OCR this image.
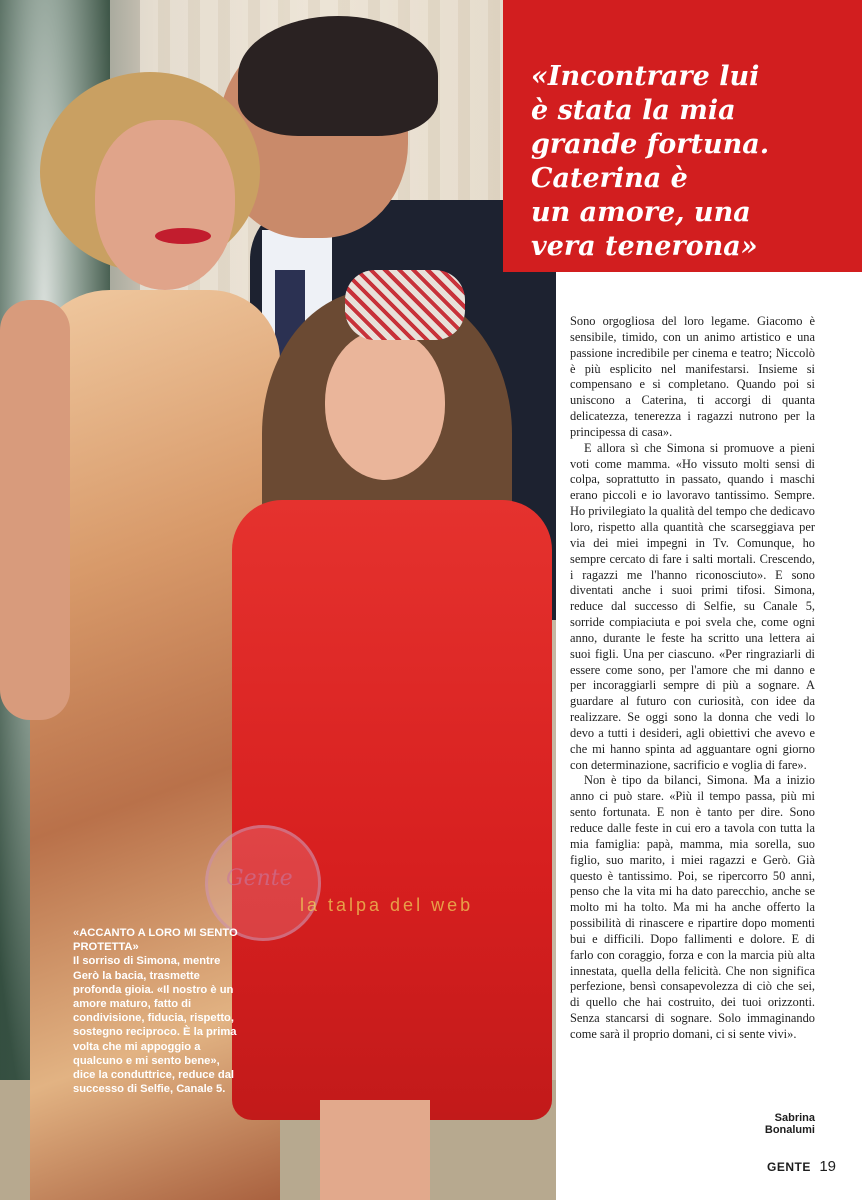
Gente
la talpa del web
«ACCANTO A LORO MI SENTO PROTETTA»
Il sorriso di Simona, mentre Gerò la bacia, trasmette profonda gioia. «Il nostro è un amore maturo, fatto di condivisione, fiducia, rispetto, sostegno reciproco. È la prima volta che mi appoggio a qualcuno e mi sento bene», dice la conduttrice, reduce dal successo di Selfie, Canale 5.
«Incontrare lui
è stata la mia
grande fortuna.
Caterina è
un amore, una
vera tenerona»

Sono orgogliosa del loro legame. Giacomo è sensibile, timido, con un animo artistico e una passione incredibile per cinema e teatro; Niccolò è più esplicito nel manifestarsi. Insieme si compensano e si completano. Quando poi si uniscono a Caterina, ti accorgi di quanta delicatezza, tenerezza i ragazzi nutrono per la principessa di casa».

E allora sì che Simona si promuove a pieni voti come mamma. «Ho vissuto molti sensi di colpa, soprattutto in passato, quando i maschi erano piccoli e io lavoravo tantissimo. Sempre. Ho privilegiato la qualità del tempo che dedicavo loro, rispetto alla quantità che scarseggiava per via dei miei impegni in Tv. Comunque, ho sempre cercato di fare i salti mortali. Crescendo, i ragazzi me l'hanno riconosciuto». E sono diventati anche i suoi primi tifosi. Simona, reduce dal successo di Selfie, su Canale 5, sorride compiaciuta e poi svela che, come ogni anno, durante le feste ha scritto una lettera ai suoi figli. Una per ciascuno. «Per ringraziarli di essere come sono, per l'amore che mi danno e per incoraggiarli sempre di più a sognare. A guardare al futuro con curiosità, con idee da realizzare. Se oggi sono la donna che vedi lo devo a tutti i desideri, agli obiettivi che avevo e che mi hanno spinta ad agguantare ogni giorno con determinazione, sacrificio e voglia di fare».

Non è tipo da bilanci, Simona. Ma a inizio anno ci può stare. «Più il tempo passa, più mi sento fortunata. E non è tanto per dire. Sono reduce dalle feste in cui ero a tavola con tutta la mia famiglia: papà, mamma, mia sorella, suo figlio, suo marito, i miei ragazzi e Gerò. Già questo è tantissimo. Poi, se ripercorro 50 anni, penso che la vita mi ha dato parecchio, anche se molto mi ha tolto. Ma mi ha anche offerto la possibilità di rinascere e ripartire dopo momenti bui e difficili. Dopo fallimenti e dolore. E di farlo con coraggio, forza e con la marcia più alta innestata, quella della felicità. Che non significa perfezione, bensì consapevolezza di ciò che sei, di quello che hai costruito, dei tuoi orizzonti. Senza stancarsi di sognare. Solo immaginando come sarà il proprio domani, ci si sente vivi».

Sabrina Bonalumi
GENTE 19
